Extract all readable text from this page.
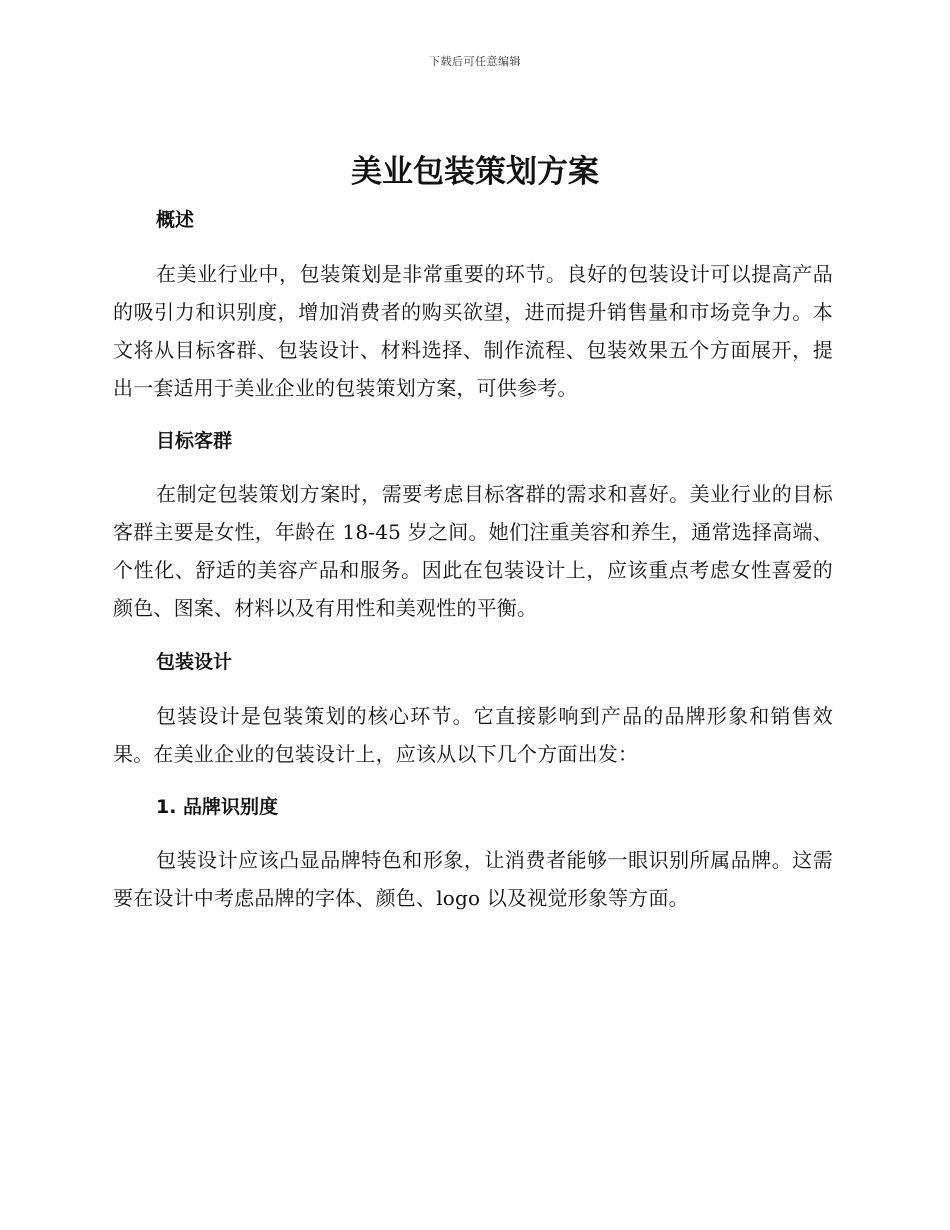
下载后可任意编辑
美业包装策划方案
概述

在美业行业中，包装策划是非常重要的环节。良好的包装设计可以提高产品的吸引力和识别度，增加消费者的购买欲望，进而提升销售量和市场竞争力。本文将从目标客群、包装设计、材料选择、制作流程、包装效果五个方面展开，提出一套适用于美业企业的包装策划方案，可供参考。

目标客群

在制定包装策划方案时，需要考虑目标客群的需求和喜好。美业行业的目标客群主要是女性，年龄在 18-45 岁之间。她们注重美容和养生，通常选择高端、个性化、舒适的美容产品和服务。因此在包装设计上，应该重点考虑女性喜爱的颜色、图案、材料以及有用性和美观性的平衡。

包装设计

包装设计是包装策划的核心环节。它直接影响到产品的品牌形象和销售效果。在美业企业的包装设计上，应该从以下几个方面出发：

1. 品牌识别度

包装设计应该凸显品牌特色和形象，让消费者能够一眼识别所属品牌。这需要在设计中考虑品牌的字体、颜色、logo 以及视觉形象等方面。
